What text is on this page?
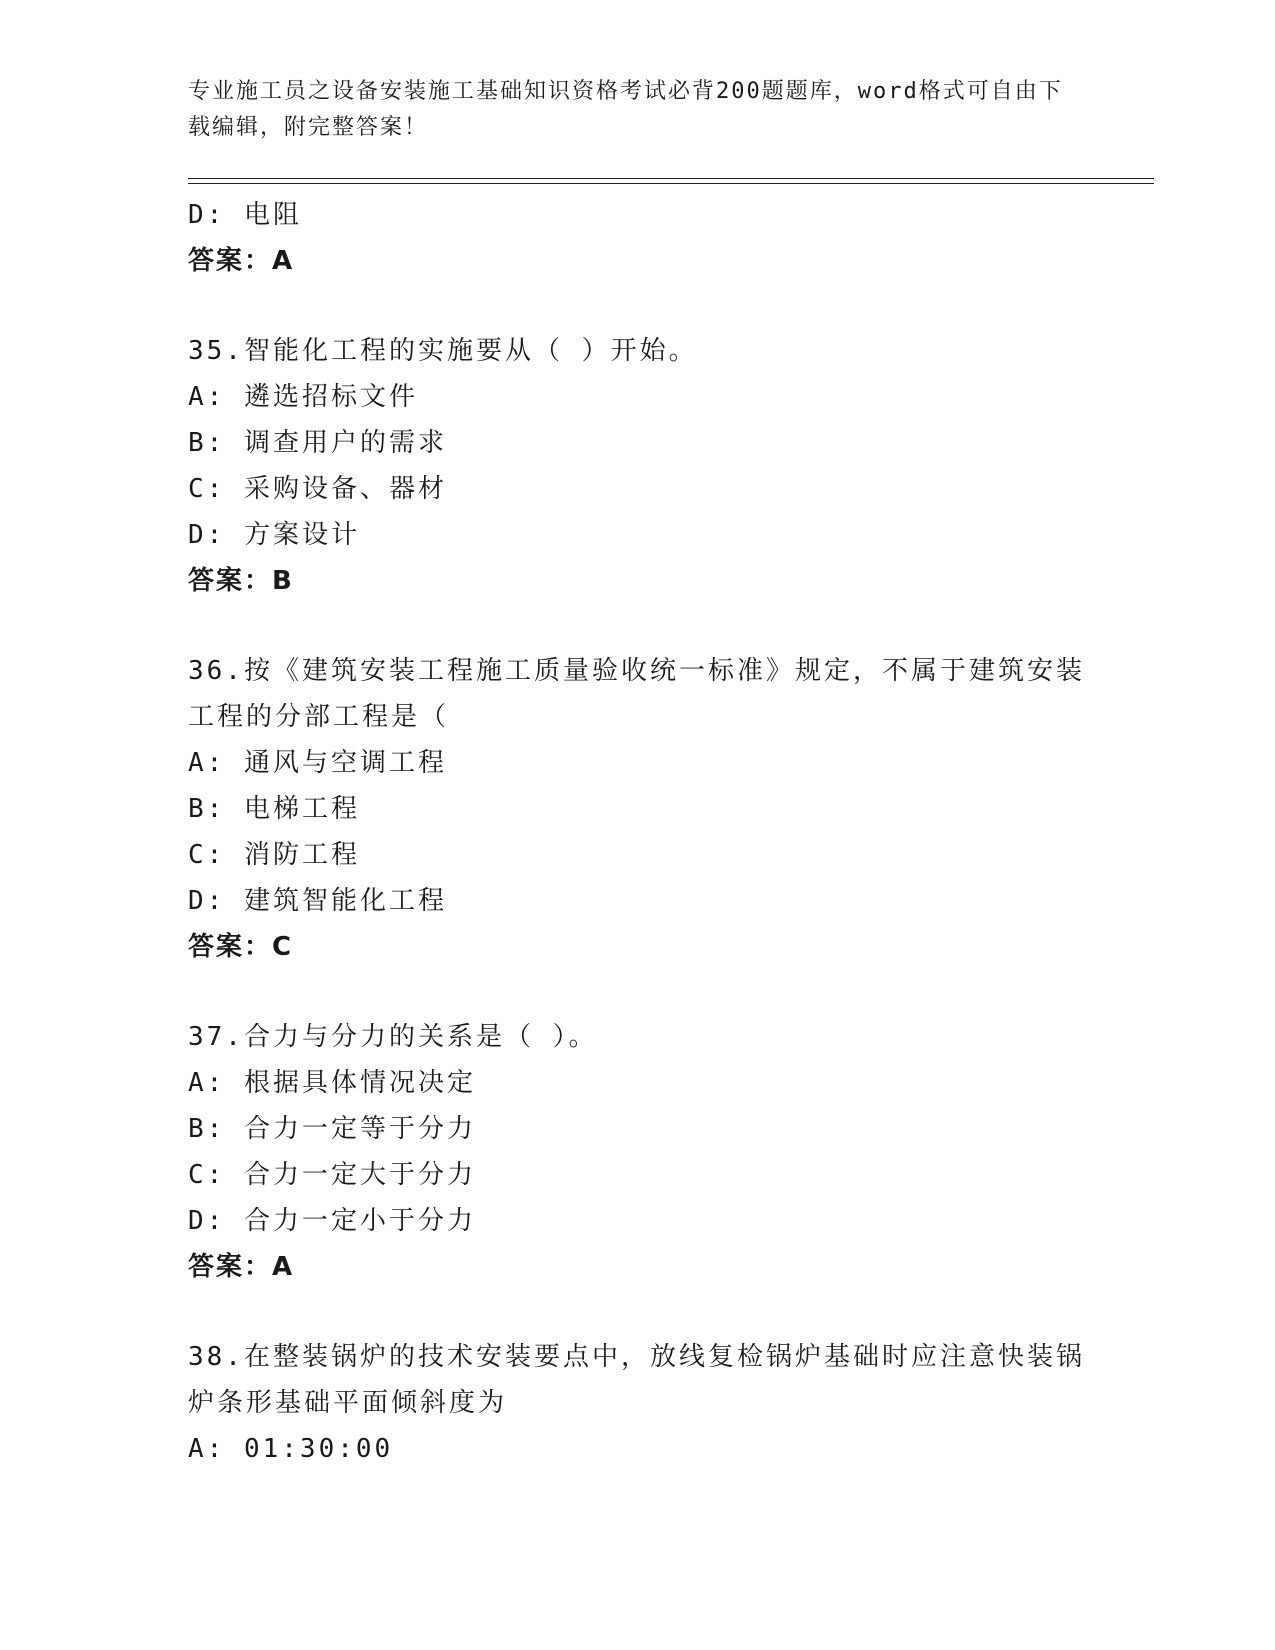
专业施工员之设备安装施工基础知识资格考试必背200题题库，word格式可自由下载编辑，附完整答案！
D: 电阻
答案：A
35.智能化工程的实施要从（ ）开始。
A: 遴选招标文件
B: 调查用户的需求
C: 采购设备、器材
D: 方案设计
答案：B
36.按《建筑安装工程施工质量验收统一标准》规定，不属于建筑安装
工程的分部工程是（
A: 通风与空调工程
B: 电梯工程
C: 消防工程
D: 建筑智能化工程
答案：C
37.合力与分力的关系是（ ）。
A: 根据具体情况决定
B: 合力一定等于分力
C: 合力一定大于分力
D: 合力一定小于分力
答案：A
38.在整装锅炉的技术安装要点中，放线复检锅炉基础时应注意快装锅
炉条形基础平面倾斜度为
A: 01:30:00
